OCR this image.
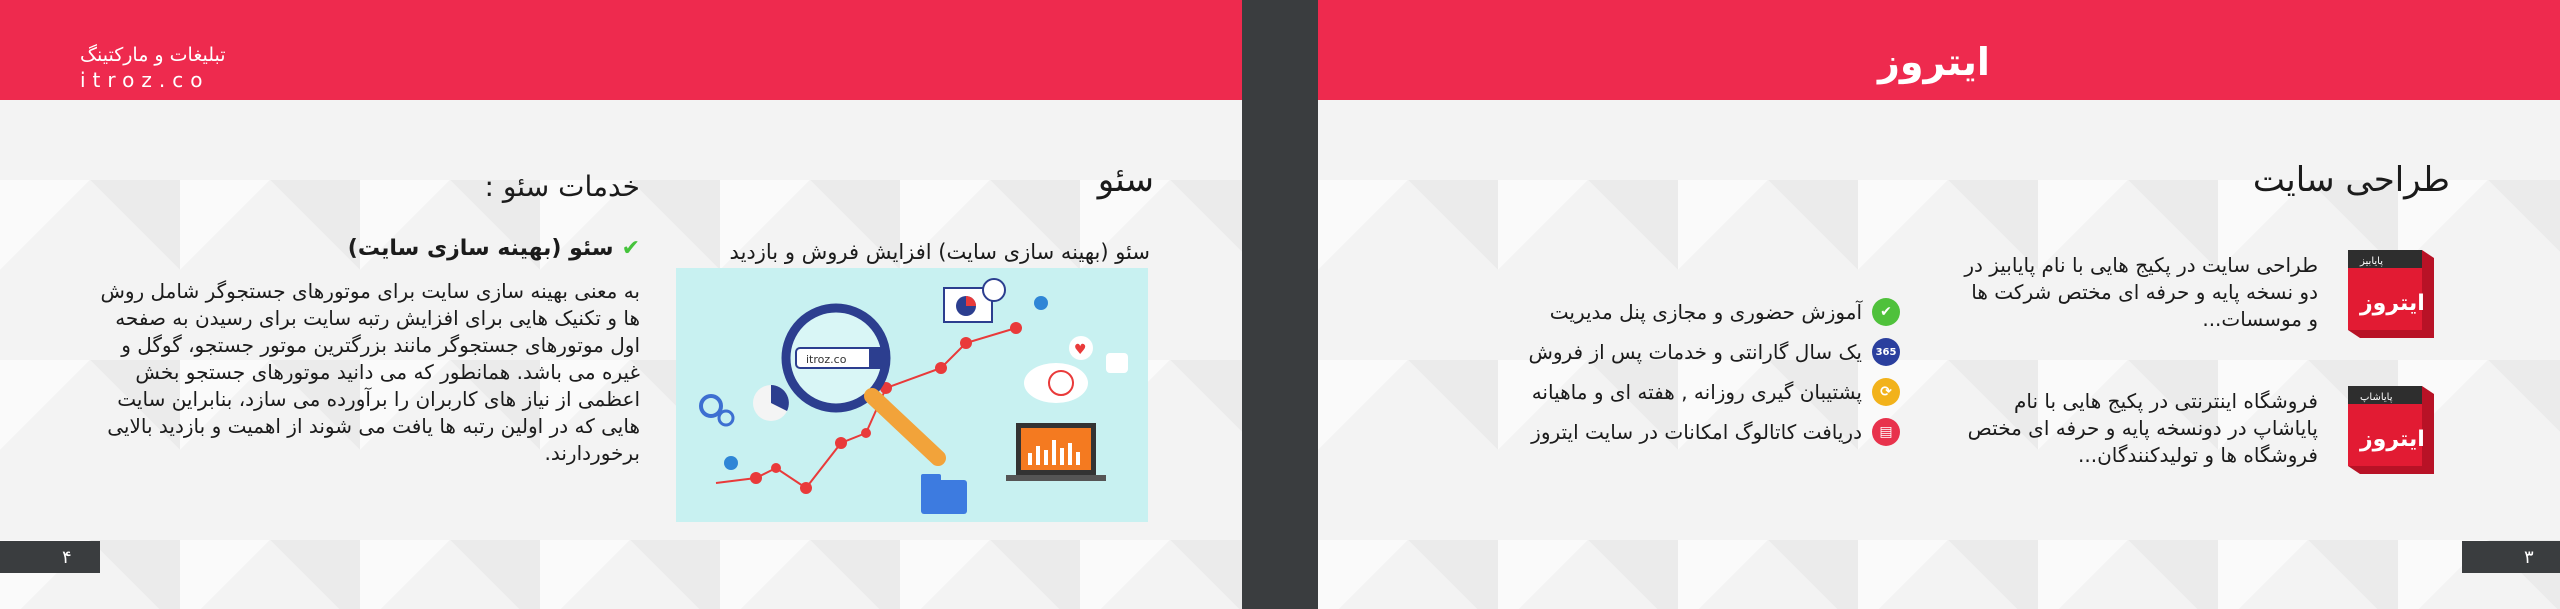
تبلیغات و مارکتینگ
itroz.co
سئو
سئو (بهینه سازی سایت) افزایش فروش و بازدید
خدمات سئو :
✔
سئو (بهینه سازی سایت)

به معنی بهینه سازی سایت برای موتورهای جستجوگر شامل روش ها و تکنیک هایی برای افزایش رتبه سایت برای رسیدن به صفحه اول موتورهای جستجوگر مانند بزرگترین موتور جستجو، گوگل و غیره می باشد. همانطور که می دانید موتورهای جستجو بخش اعظمی از نیاز های کاربران را برآورده می سازد، بنابراین سایت هایی که در اولین رتبه ها یافت می شوند از اهمیت و بازدید بالایی برخوردارند.

itroz.co
♥
۴
ایتروز
طراحی سایت
پایابیز
ایتروز

طراحی سایت در پکیج هایی با نام پایابیز در دو نسخه پایه و حرفه ای مختص شرکت ها و موسسات...

پایاشاپ
ایتروز

فروشگاه اینترنتی در پکیج هایی با نام پایاشاپ در دونسخه پایه و حرفه ای مختص فروشگاه ها و تولیدکنندگان...

✔
آموزش حضوری و مجازی پنل مدیریت
365
یک سال گارانتی و خدمات پس از فروش
⟳
پشتیبان گیری روزانه , هفته ای و ماهیانه
▤
دریافت کاتالوگ امکانات در سایت ایتروز
۳
